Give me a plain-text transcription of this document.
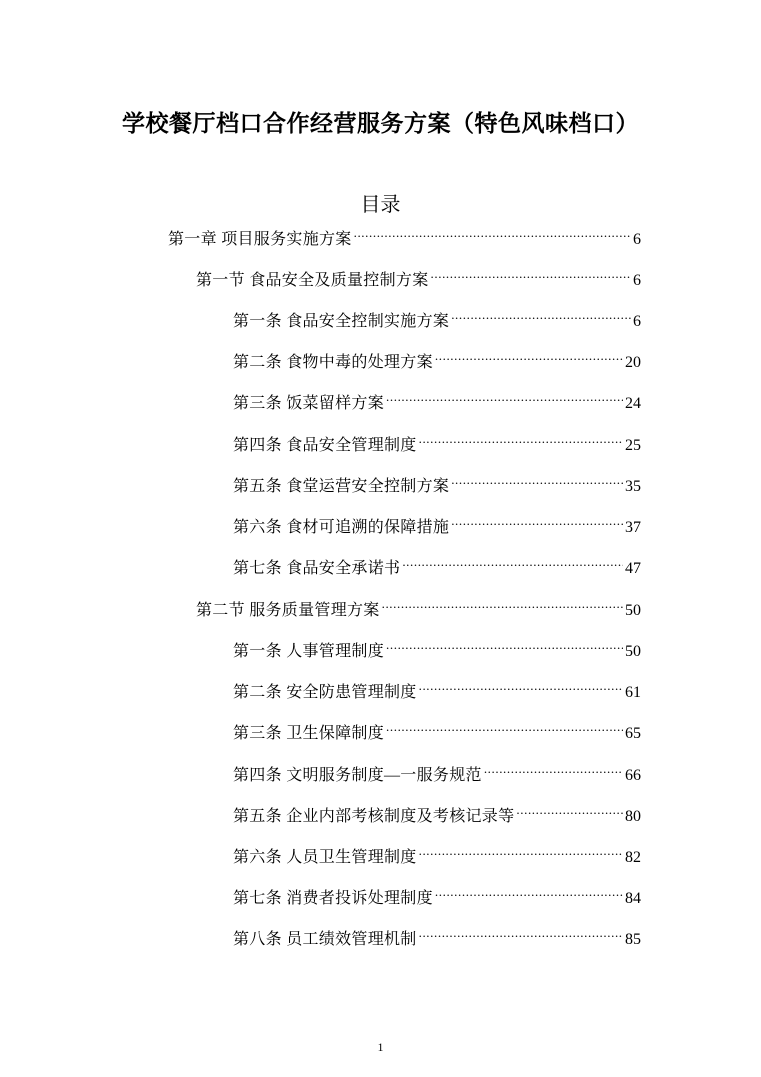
学校餐厅档口合作经营服务方案（特色风味档口）
目录
第一章 项目服务实施方案 .....	6
第一节 食品安全及质量控制方案 .....	6
第一条 食品安全控制实施方案 .....	6
第二条 食物中毒的处理方案 .....	20
第三条 饭菜留样方案 .....	24
第四条 食品安全管理制度 .....	25
第五条 食堂运营安全控制方案 .....	35
第六条 食材可追溯的保障措施 .....	37
第七条 食品安全承诺书 .....	47
第二节 服务质量管理方案 .....	50
第一条 人事管理制度 .....	50
第二条 安全防患管理制度 .....	61
第三条 卫生保障制度 .....	65
第四条 文明服务制度—一服务规范 .....	66
第五条 企业内部考核制度及考核记录等 .....	80
第六条 人员卫生管理制度 .....	82
第七条 消费者投诉处理制度 .....	84
第八条 员工绩效管理机制 .....	85
1
